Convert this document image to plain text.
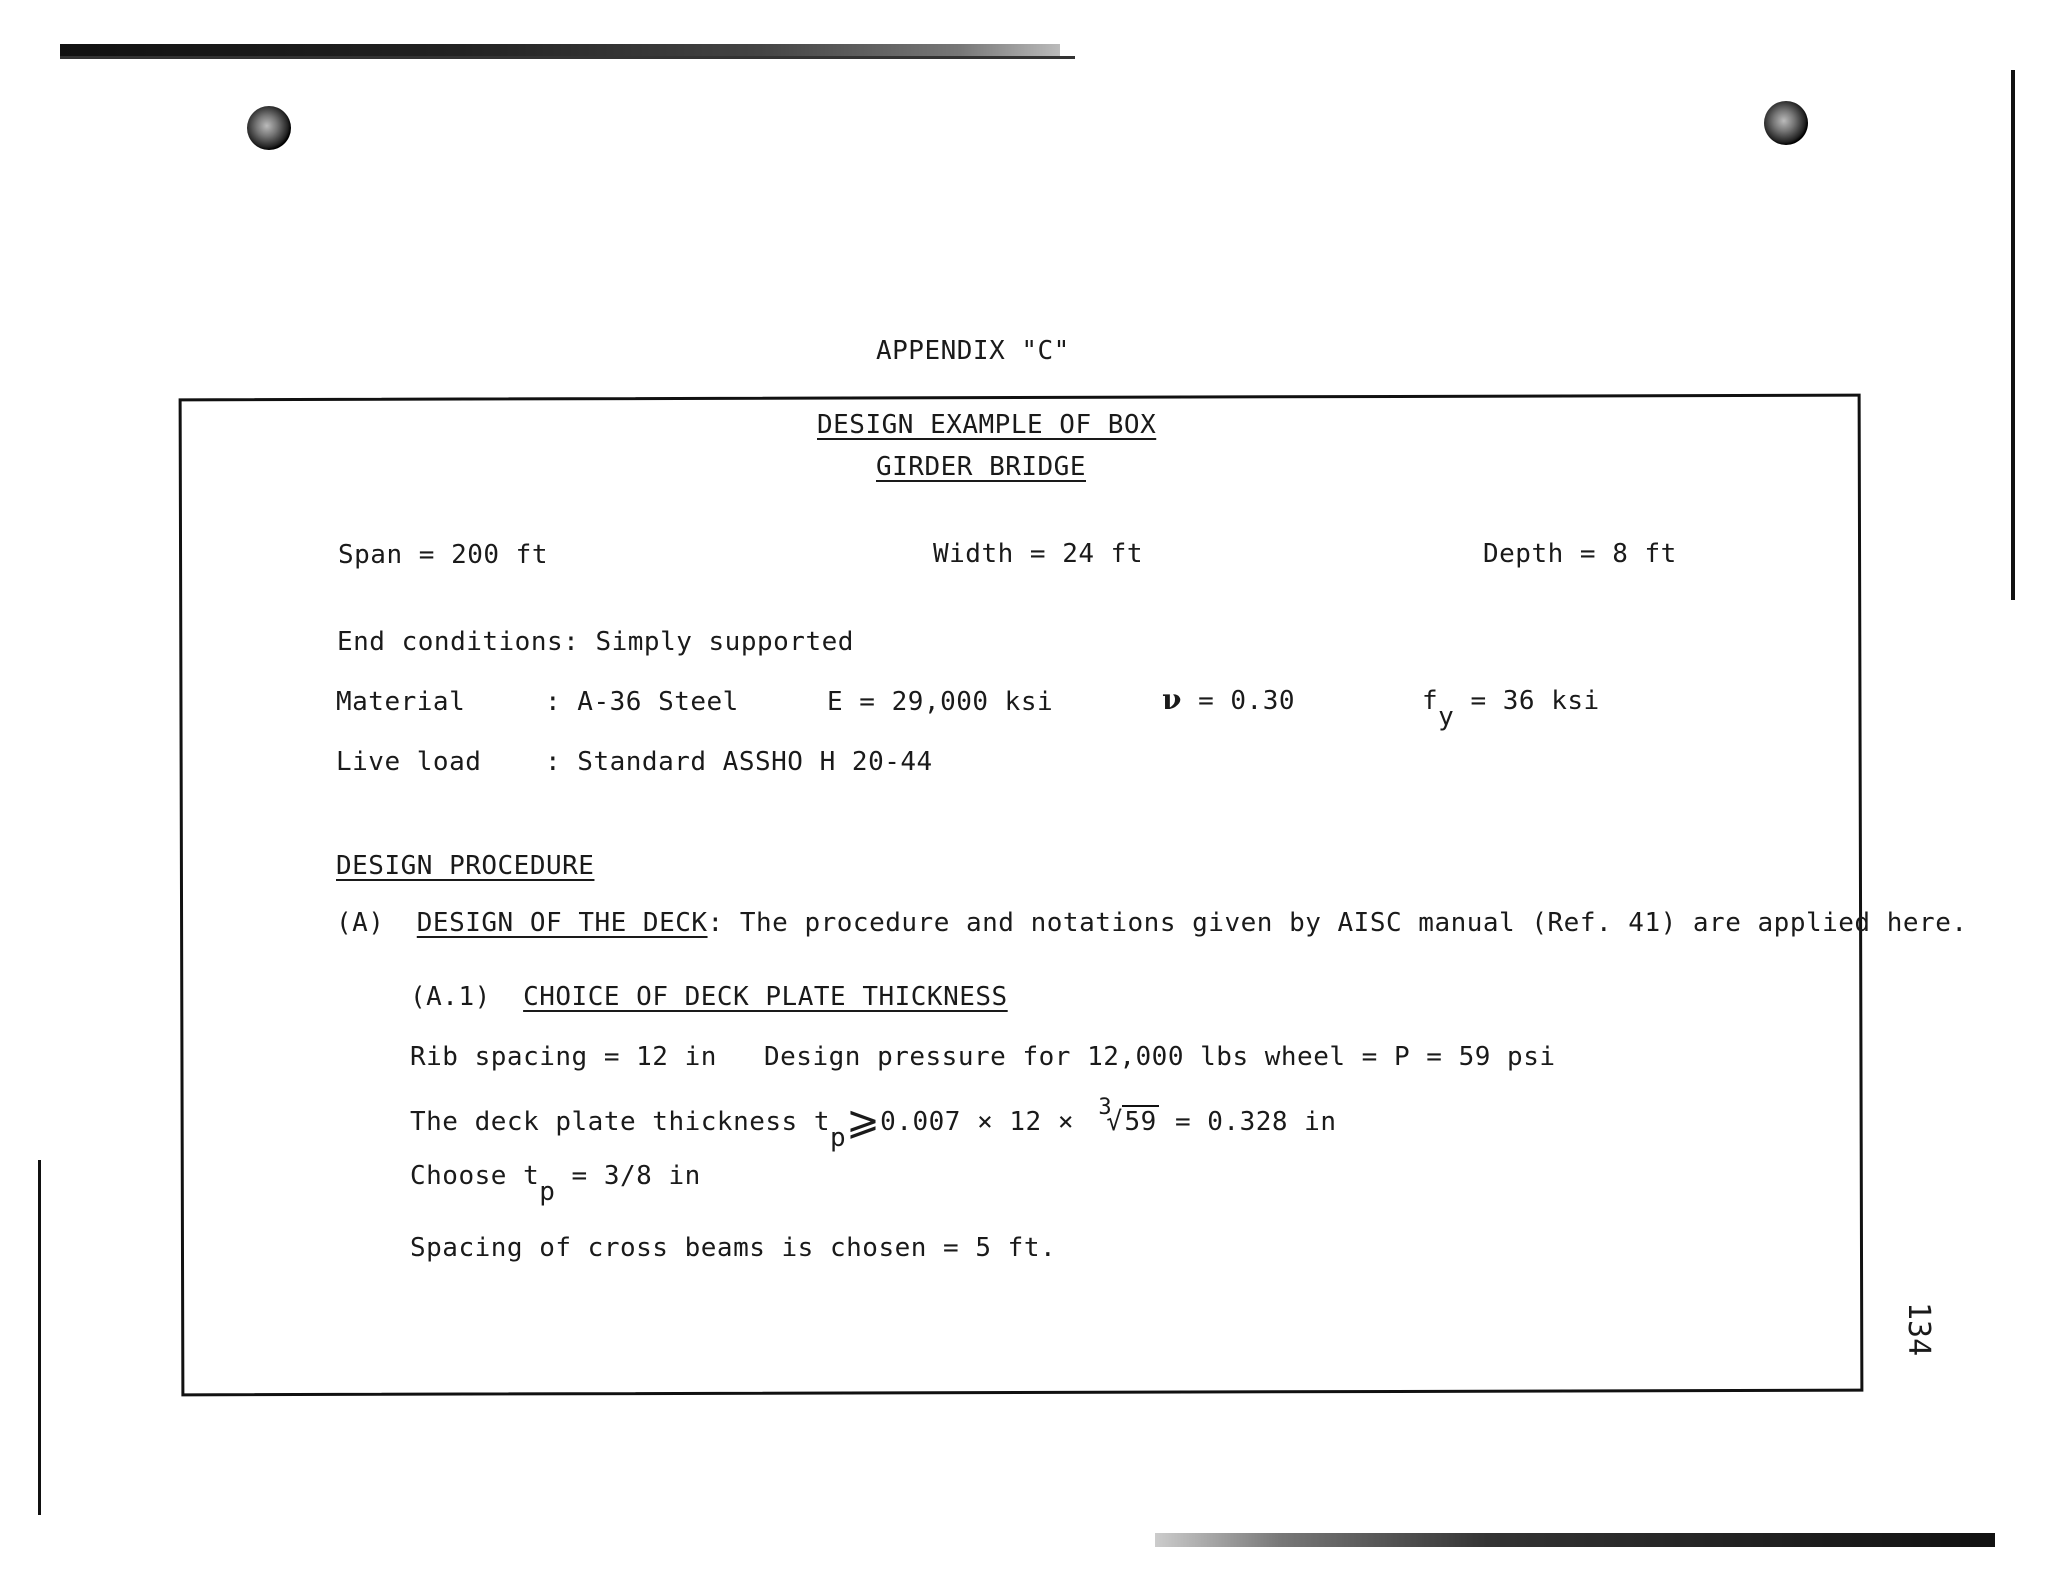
APPENDIX "C"
DESIGN EXAMPLE OF BOX
GIRDER BRIDGE
Span = 200 ft	Width = 24 ft	Depth = 8 ft
End conditions: Simply supported
Material	: A-36 Steel	E = 29,000 ksi	ν = 0.30	fy = 36 ksi
Live load : Standard ASSHO H 20-44
DESIGN PROCEDURE
(A) DESIGN OF THE DECK: The procedure and notations given by AISC manual (Ref. 41) are applied here.
(A.1) CHOICE OF DECK PLATE THICKNESS
Rib spacing = 12 in Design pressure for 12,000 lbs wheel = P = 59 psi
The deck plate thickness tp⩾0.007 × 12 × 3
√59 = 0.328 in
Choose tp = 3/8 in
Spacing of cross beams is chosen = 5 ft.
134
